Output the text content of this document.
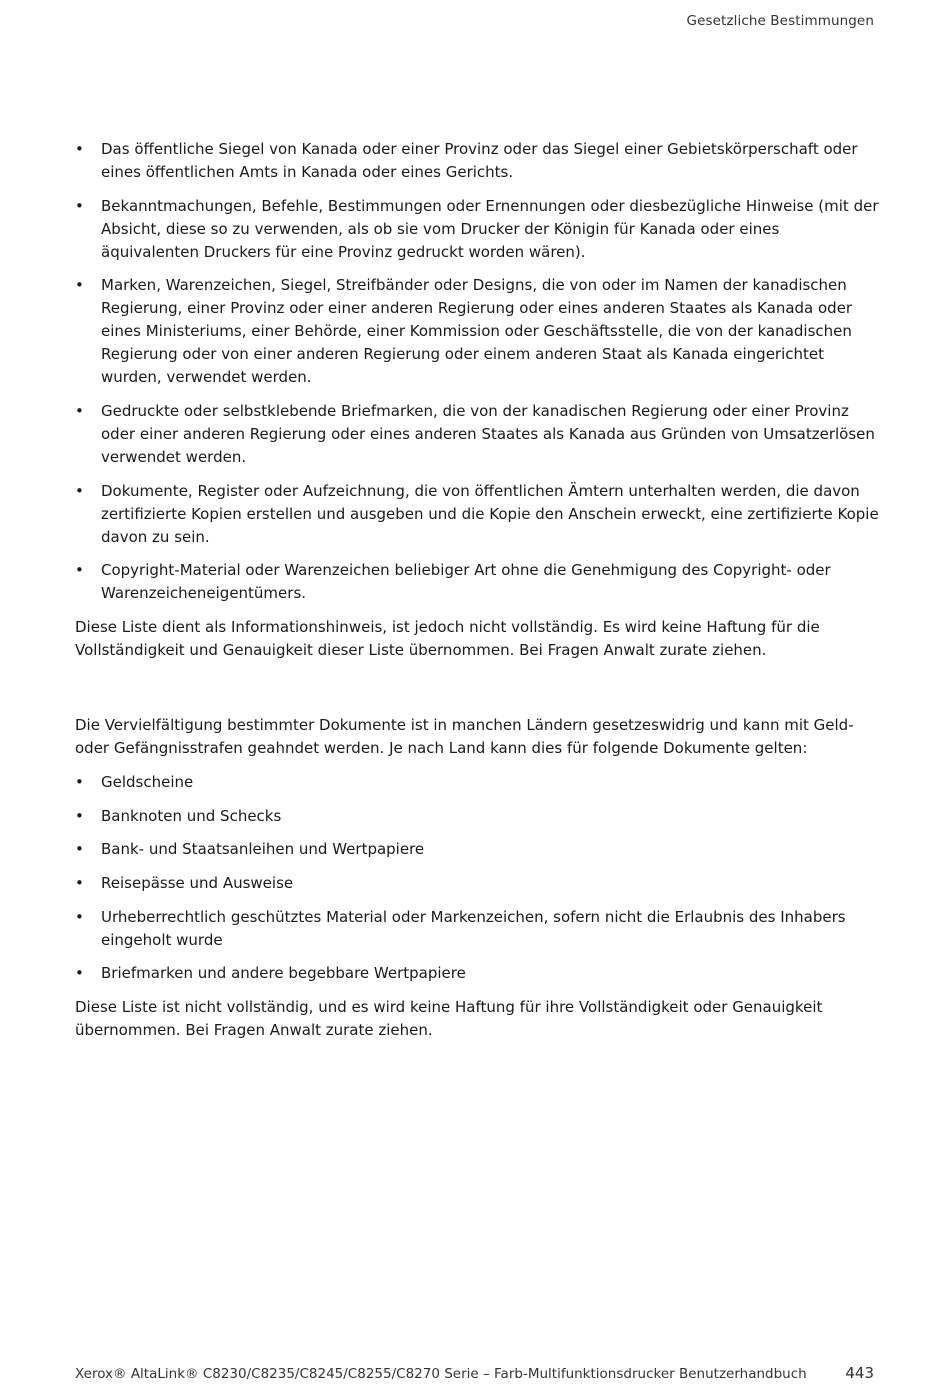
Gesetzliche Bestimmungen
• Das öffentliche Siegel von Kanada oder einer Provinz oder das Siegel einer Gebietskörperschaft oder eines öffentlichen Amts in Kanada oder eines Gerichts.
• Bekanntmachungen, Befehle, Bestimmungen oder Ernennungen oder diesbezügliche Hinweise (mit der Absicht, diese so zu verwenden, als ob sie vom Drucker der Königin für Kanada oder eines äquivalenten Druckers für eine Provinz gedruckt worden wären).
• Marken, Warenzeichen, Siegel, Streifbänder oder Designs, die von oder im Namen der kanadischen Regierung, einer Provinz oder einer anderen Regierung oder eines anderen Staates als Kanada oder eines Ministeriums, einer Behörde, einer Kommission oder Geschäftsstelle, die von der kanadischen Regierung oder von einer anderen Regierung oder einem anderen Staat als Kanada eingerichtet wurden, verwendet werden.
• Gedruckte oder selbstklebende Briefmarken, die von der kanadischen Regierung oder einer Provinz oder einer anderen Regierung oder eines anderen Staates als Kanada aus Gründen von Umsatzerlösen verwendet werden.
• Dokumente, Register oder Aufzeichnung, die von öffentlichen Ämtern unterhalten werden, die davon zertifizierte Kopien erstellen und ausgeben und die Kopie den Anschein erweckt, eine zertifizierte Kopie davon zu sein.
• Copyright-Material oder Warenzeichen beliebiger Art ohne die Genehmigung des Copyright- oder Warenzeicheneigentümers.

Diese Liste dient als Informationshinweis, ist jedoch nicht vollständig. Es wird keine Haftung für die Vollständigkeit und Genauigkeit dieser Liste übernommen. Bei Fragen Anwalt zurate ziehen.

Die Vervielfältigung bestimmter Dokumente ist in manchen Ländern gesetzeswidrig und kann mit Geld- oder Gefängnisstrafen geahndet werden. Je nach Land kann dies für folgende Dokumente gelten:

• Geldscheine
• Banknoten und Schecks
• Bank- und Staatsanleihen und Wertpapiere
• Reisepässe und Ausweise
• Urheberrechtlich geschütztes Material oder Markenzeichen, sofern nicht die Erlaubnis des Inhabers eingeholt wurde
• Briefmarken und andere begebbare Wertpapiere

Diese Liste ist nicht vollständig, und es wird keine Haftung für ihre Vollständigkeit oder Genauigkeit übernommen. Bei Fragen Anwalt zurate ziehen.

Xerox® AltaLink® C8230/C8235/C8245/C8255/C8270 Serie – Farb-Multifunktionsdrucker Benutzerhandbuch	443
